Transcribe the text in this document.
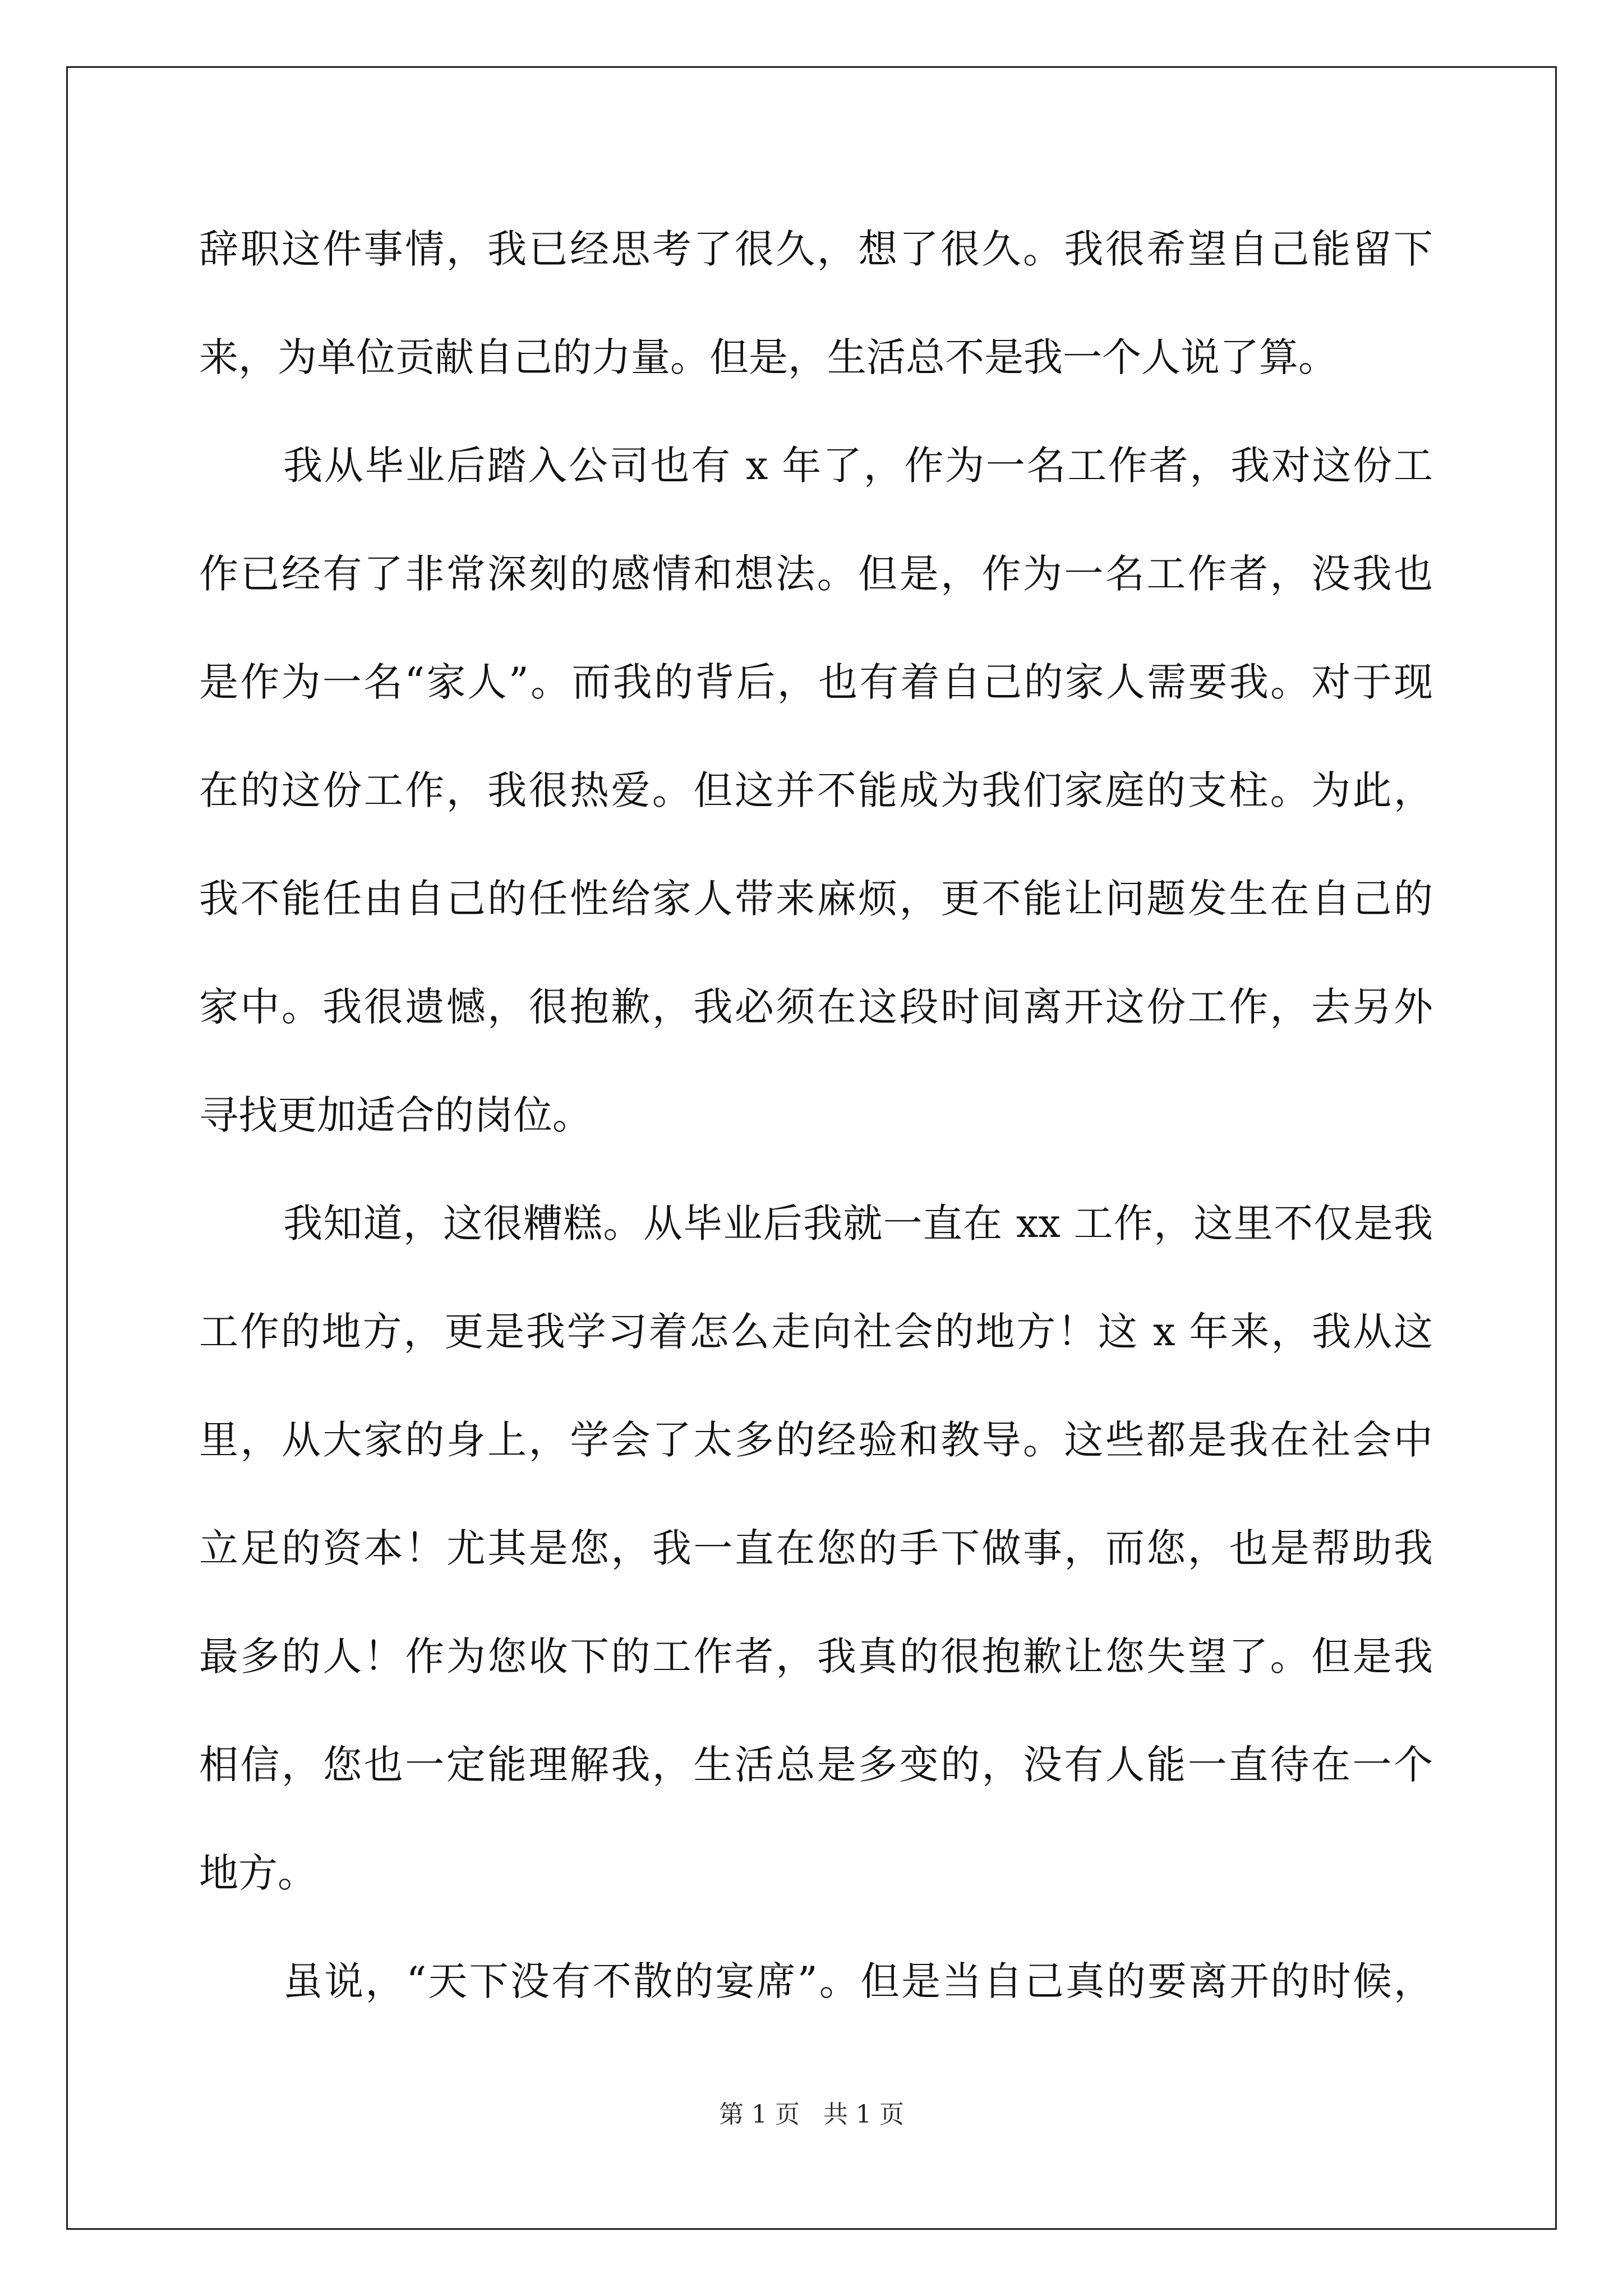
辞职这件事情，我已经思考了很久，想了很久。我很希望自己能留下
来，为单位贡献自己的力量。但是，生活总不是我一个人说了算。
我从毕业后踏入公司也有 x 年了，作为一名工作者，我对这份工
作已经有了非常深刻的感情和想法。但是，作为一名工作者，没我也
是作为一名“家人”。而我的背后，也有着自己的家人需要我。对于现
在的这份工作，我很热爱。但这并不能成为我们家庭的支柱。为此，
我不能任由自己的任性给家人带来麻烦，更不能让问题发生在自己的
家中。我很遗憾，很抱歉，我必须在这段时间离开这份工作，去另外
寻找更加适合的岗位。
我知道，这很糟糕。从毕业后我就一直在 xx 工作，这里不仅是我
工作的地方，更是我学习着怎么走向社会的地方！这 x 年来，我从这
里，从大家的身上，学会了太多的经验和教导。这些都是我在社会中
立足的资本！尤其是您，我一直在您的手下做事，而您，也是帮助我
最多的人！作为您收下的工作者，我真的很抱歉让您失望了。但是我
相信，您也一定能理解我，生活总是多变的，没有人能一直待在一个
地方。
虽说，“天下没有不散的宴席”。但是当自己真的要离开的时候，
第 1 页 共 1 页
